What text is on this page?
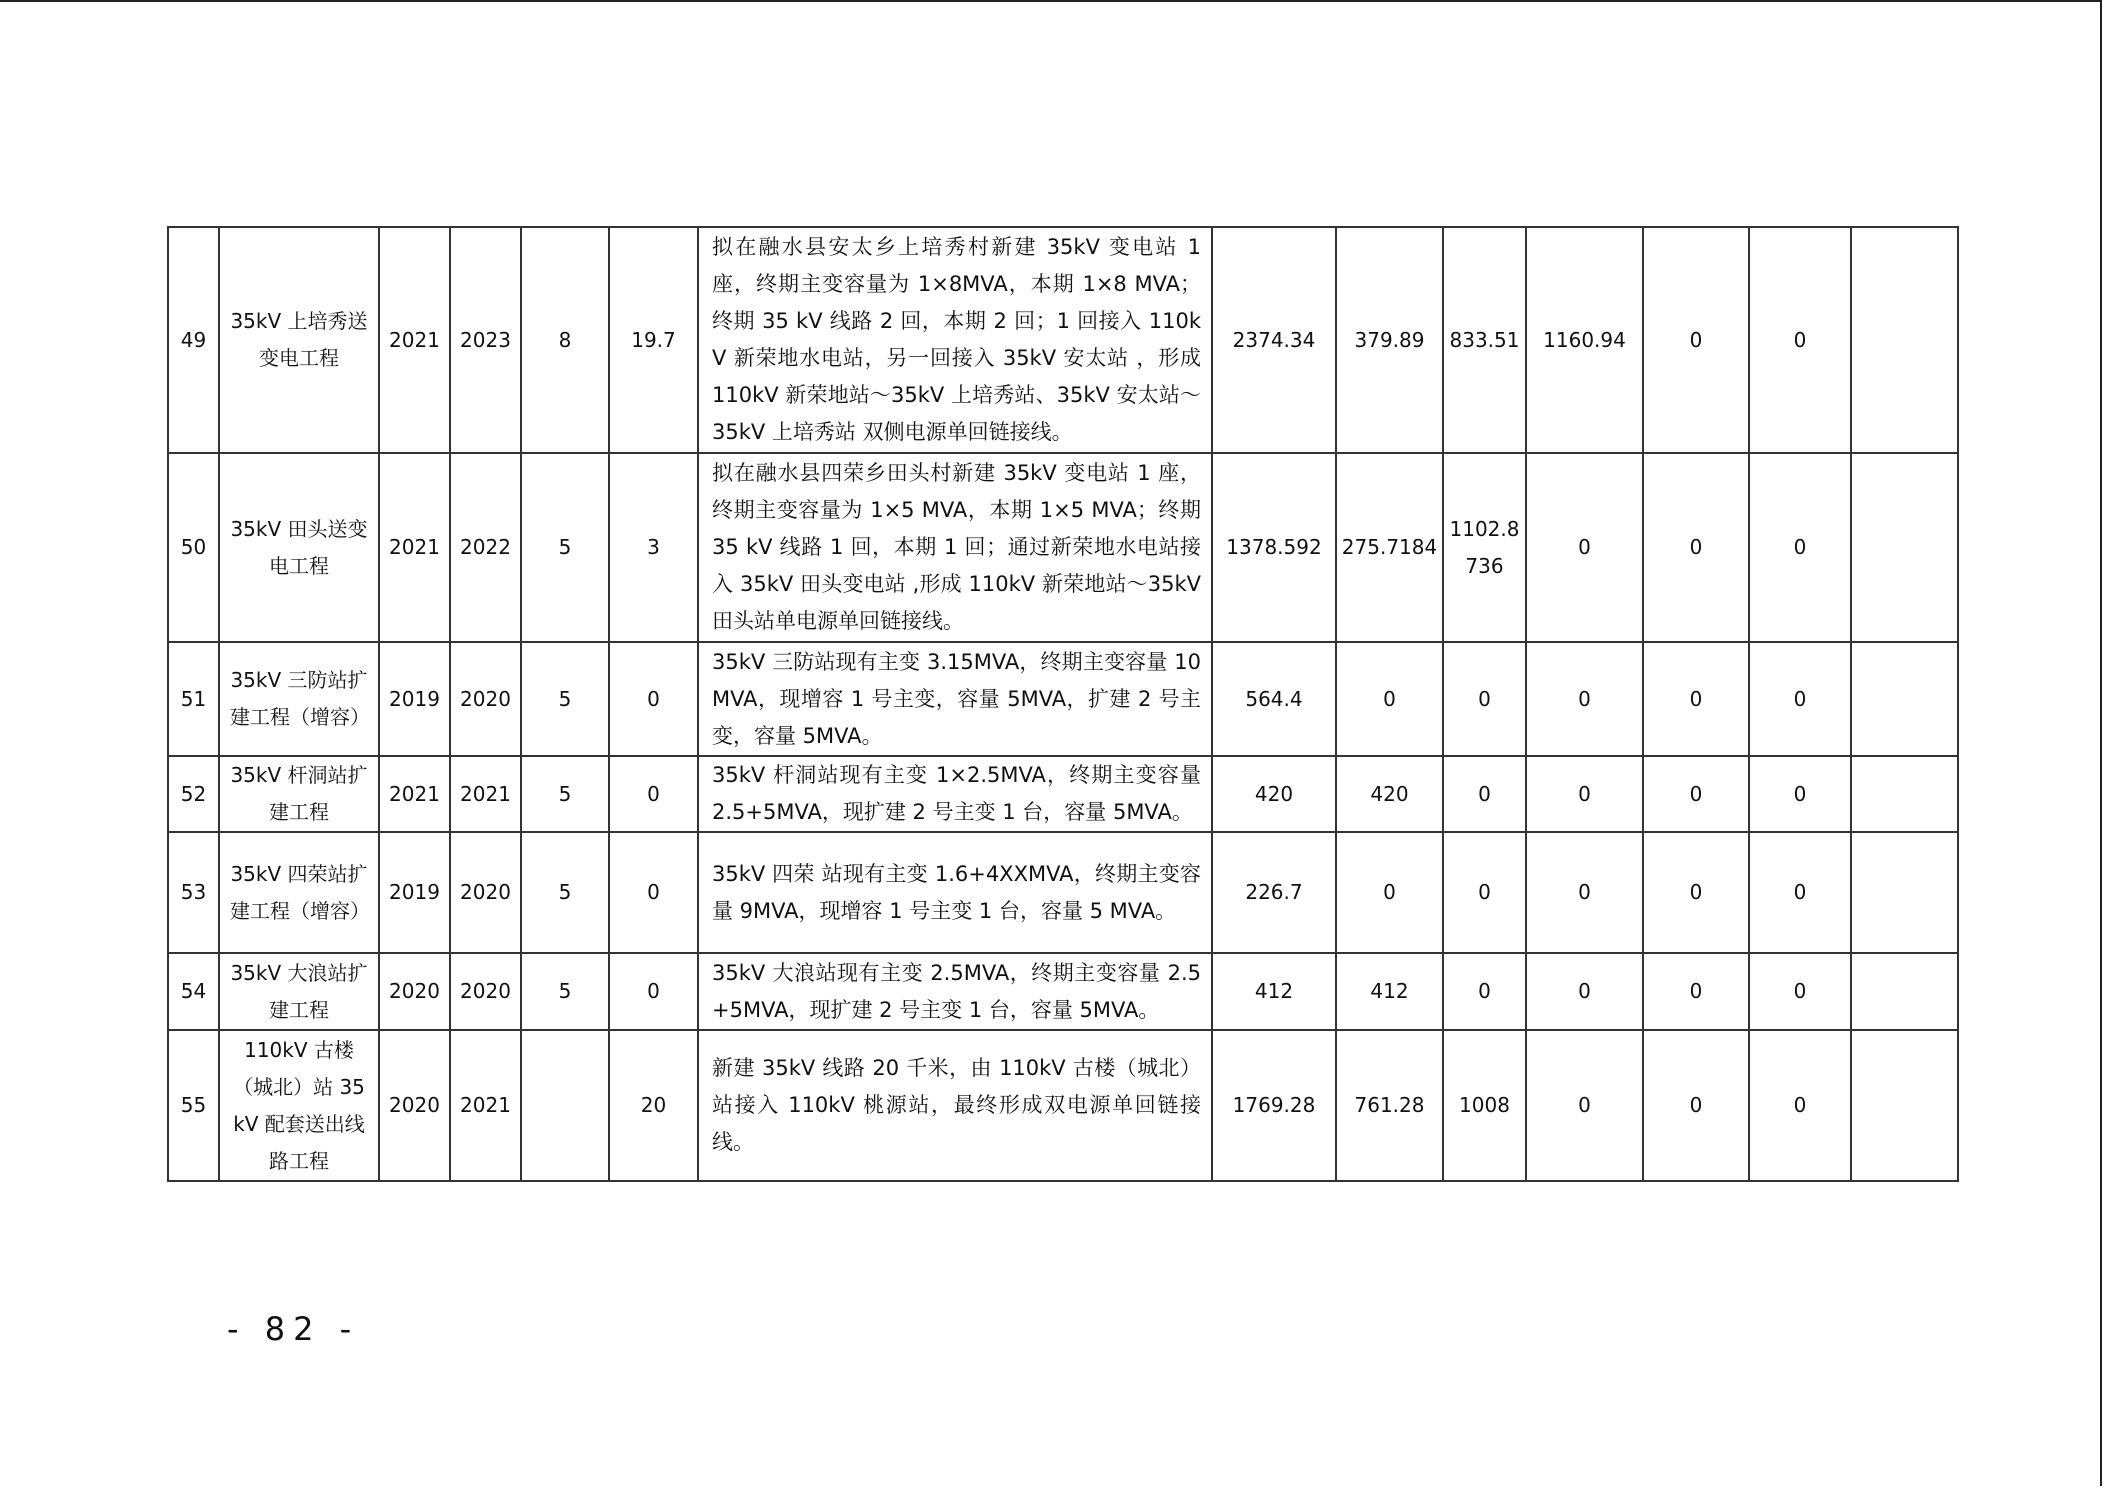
49	35kV 上培秀送变电工程	2021	2023	8	19.7	拟在融水县安太乡上培秀村新建 35kV 变电站 1 座，终期主变容量为 1×8MVA，本期 1×8 MVA；终期 35 kV 线路 2 回，本期 2 回；1 回接入 110kV 新荣地水电站，另一回接入 35kV 安太站 ，形成 110kV 新荣地站～35kV 上培秀站、35kV 安太站～35kV 上培秀站 双侧电源单回链接线。	2374.34	379.89	833.51	1160.94	0	0	
50	35kV 田头送变电工程	2021	2022	5	3	拟在融水县四荣乡田头村新建 35kV 变电站 1 座，终期主变容量为 1×5 MVA，本期 1×5 MVA；终期 35 kV 线路 1 回，本期 1 回；通过新荣地水电站接入 35kV 田头变电站 ,形成 110kV 新荣地站～35kV 田头站单电源单回链接线。	1378.592	275.7184	1102.8736	0	0	0	
51	35kV 三防站扩建工程（增容）	2019	2020	5	0	35kV 三防站现有主变 3.15MVA，终期主变容量 10MVA，现增容 1 号主变，容量 5MVA，扩建 2 号主变，容量 5MVA。	564.4	0	0	0	0	0	
52	35kV 杆洞站扩建工程	2021	2021	5	0	35kV 杆洞站现有主变 1×2.5MVA，终期主变容量 2.5+5MVA，现扩建 2 号主变 1 台，容量 5MVA。	420	420	0	0	0	0	
53	35kV 四荣站扩建工程（增容）	2019	2020	5	0	35kV 四荣 站现有主变 1.6+4XXMVA，终期主变容量 9MVA，现增容 1 号主变 1 台，容量 5 MVA。	226.7	0	0	0	0	0	
54	35kV 大浪站扩建工程	2020	2020	5	0	35kV 大浪站现有主变 2.5MVA，终期主变容量 2.5+5MVA，现扩建 2 号主变 1 台，容量 5MVA。	412	412	0	0	0	0	
55	110kV 古楼（城北）站 35kV 配套送出线路工程	2020	2021		20	新建 35kV 线路 20 千米，由 110kV 古楼（城北）站接入 110kV 桃源站，最终形成双电源单回链接线。	1769.28	761.28	1008	0	0	0	
- 82 -
